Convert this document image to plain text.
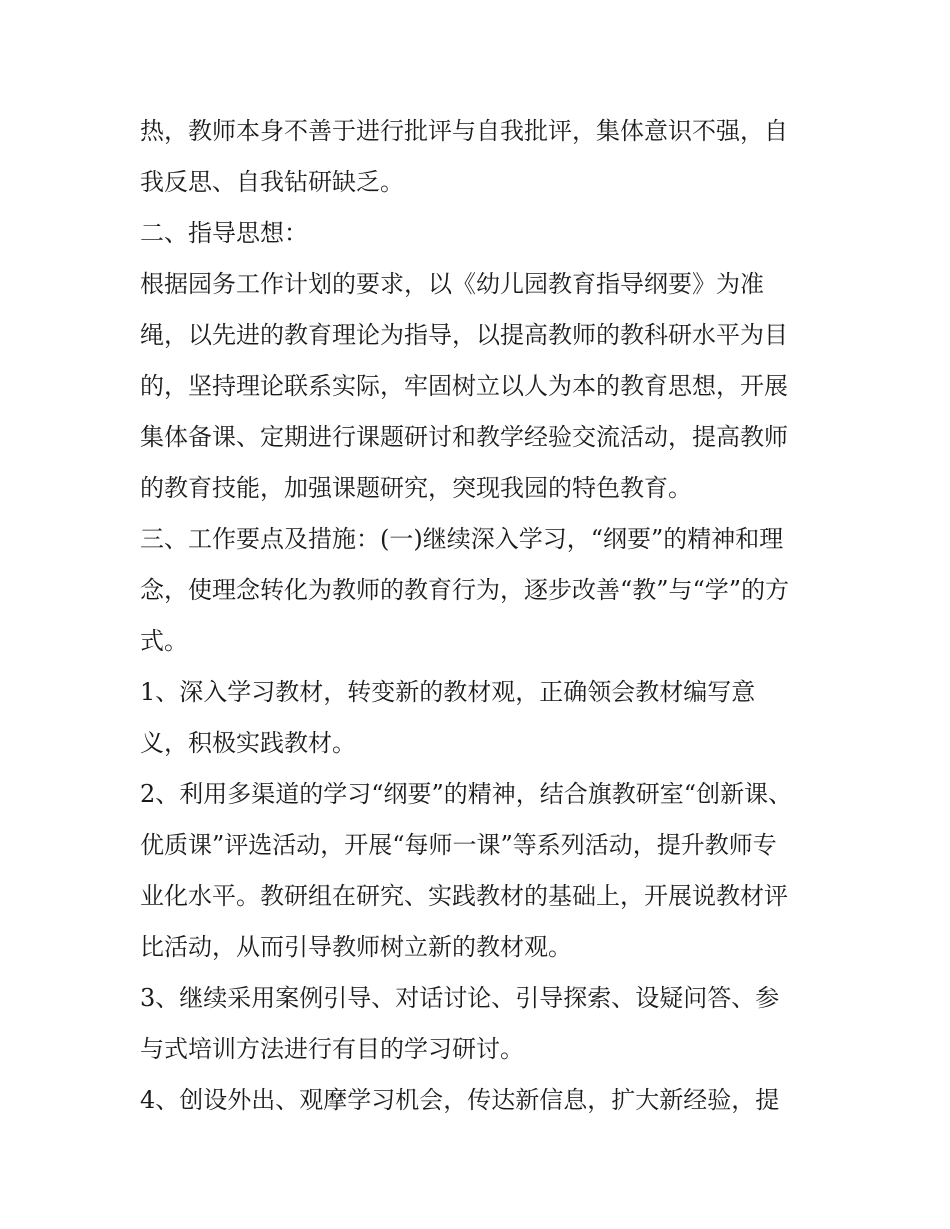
热，教师本身不善于进行批评与自我批评，集体意识不强，自
我反思、自我钻研缺乏。
二、指导思想：
根据园务工作计划的要求，以《幼儿园教育指导纲要》为准
绳，以先进的教育理论为指导，以提高教师的教科研水平为目
的，坚持理论联系实际，牢固树立以人为本的教育思想，开展
集体备课、定期进行课题研讨和教学经验交流活动，提高教师
的教育技能，加强课题研究，突现我园的特色教育。
三、工作要点及措施：(一)继续深入学习，“纲要”的精神和理
念，使理念转化为教师的教育行为，逐步改善“教”与“学”的方
式。
1、深入学习教材，转变新的教材观，正确领会教材编写意
义，积极实践教材。
2、利用多渠道的学习“纲要”的精神，结合旗教研室“创新课、
优质课”评选活动，开展“每师一课”等系列活动，提升教师专
业化水平。教研组在研究、实践教材的基础上，开展说教材评
比活动，从而引导教师树立新的教材观。
3、继续采用案例引导、对话讨论、引导探索、设疑问答、参
与式培训方法进行有目的学习研讨。
4、创设外出、观摩学习机会，传达新信息，扩大新经验，提
